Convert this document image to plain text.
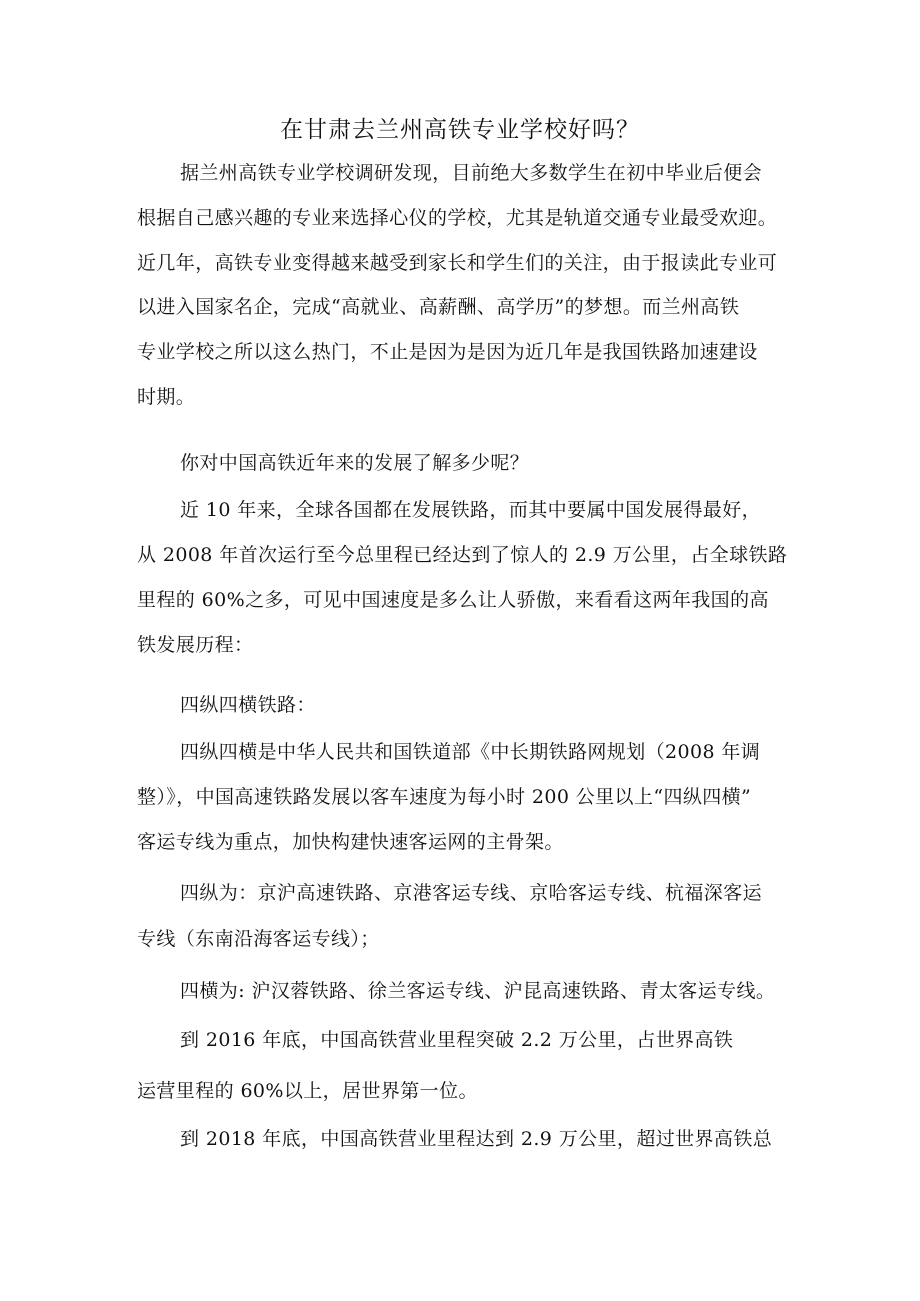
在甘肃去兰州高铁专业学校好吗？
据兰州高铁专业学校调研发现，目前绝大多数学生在初中毕业后便会
根据自己感兴趣的专业来选择心仪的学校，尤其是轨道交通专业最受欢迎。
近几年，高铁专业变得越来越受到家长和学生们的关注，由于报读此专业可
以进入国家名企，完成“高就业、高薪酬、高学历”的梦想。而兰州高铁
专业学校之所以这么热门，不止是因为是因为近几年是我国铁路加速建设
时期。
你对中国高铁近年来的发展了解多少呢？
近 10 年来，全球各国都在发展铁路，而其中要属中国发展得最好，
从 2008 年首次运行至今总里程已经达到了惊人的 2.9 万公里，占全球铁路
里程的 60%之多，可见中国速度是多么让人骄傲，来看看这两年我国的高
铁发展历程：
四纵四横铁路：
四纵四横是中华人民共和国铁道部《中长期铁路网规划（2008 年调
整）》，中国高速铁路发展以客车速度为每小时 200 公里以上“四纵四横”
客运专线为重点，加快构建快速客运网的主骨架。
四纵为：京沪高速铁路、京港客运专线、京哈客运专线、杭福深客运
专线（东南沿海客运专线）；
四横为: 沪汉蓉铁路、徐兰客运专线、沪昆高速铁路、青太客运专线。
到 2016 年底，中国高铁营业里程突破 2.2 万公里，占世界高铁
运营里程的 60%以上，居世界第一位。
到 2018 年底，中国高铁营业里程达到 2.9 万公里，超过世界高铁总
